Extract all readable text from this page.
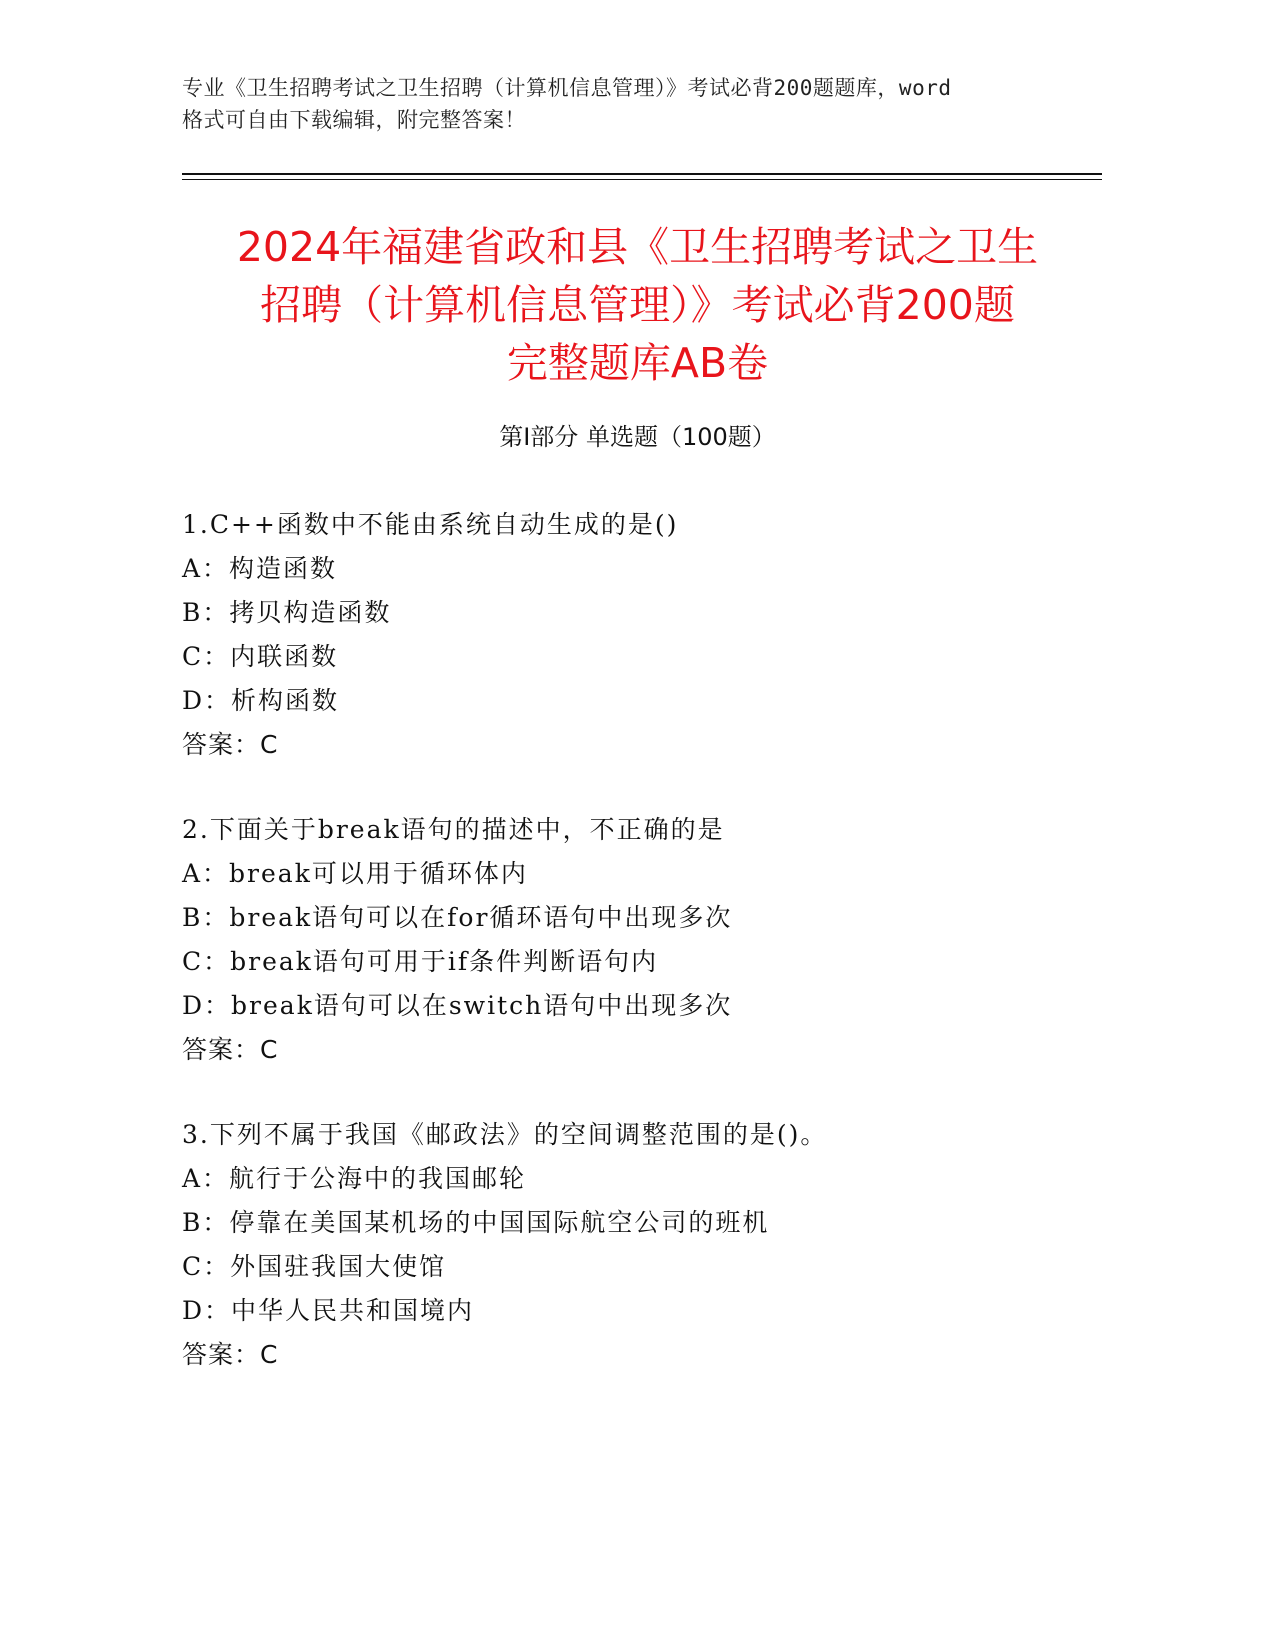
专业《卫生招聘考试之卫生招聘（计算机信息管理）》考试必背200题题库，word
格式可自由下载编辑，附完整答案！
2024年福建省政和县《卫生招聘考试之卫生
招聘（计算机信息管理）》考试必背200题
完整题库AB卷
第Ⅰ部分 单选题（100题）
1.C++函数中不能由系统自动生成的是()
A：构造函数
B：拷贝构造函数
C：内联函数
D：析构函数
答案：C
2.下面关于break语句的描述中，不正确的是
A：break可以用于循环体内
B：break语句可以在for循环语句中出现多次
C：break语句可用于if条件判断语句内
D：break语句可以在switch语句中出现多次
答案：C
3.下列不属于我国《邮政法》的空间调整范围的是()。
A：航行于公海中的我国邮轮
B：停靠在美国某机场的中国国际航空公司的班机
C：外国驻我国大使馆
D：中华人民共和国境内
答案：C
